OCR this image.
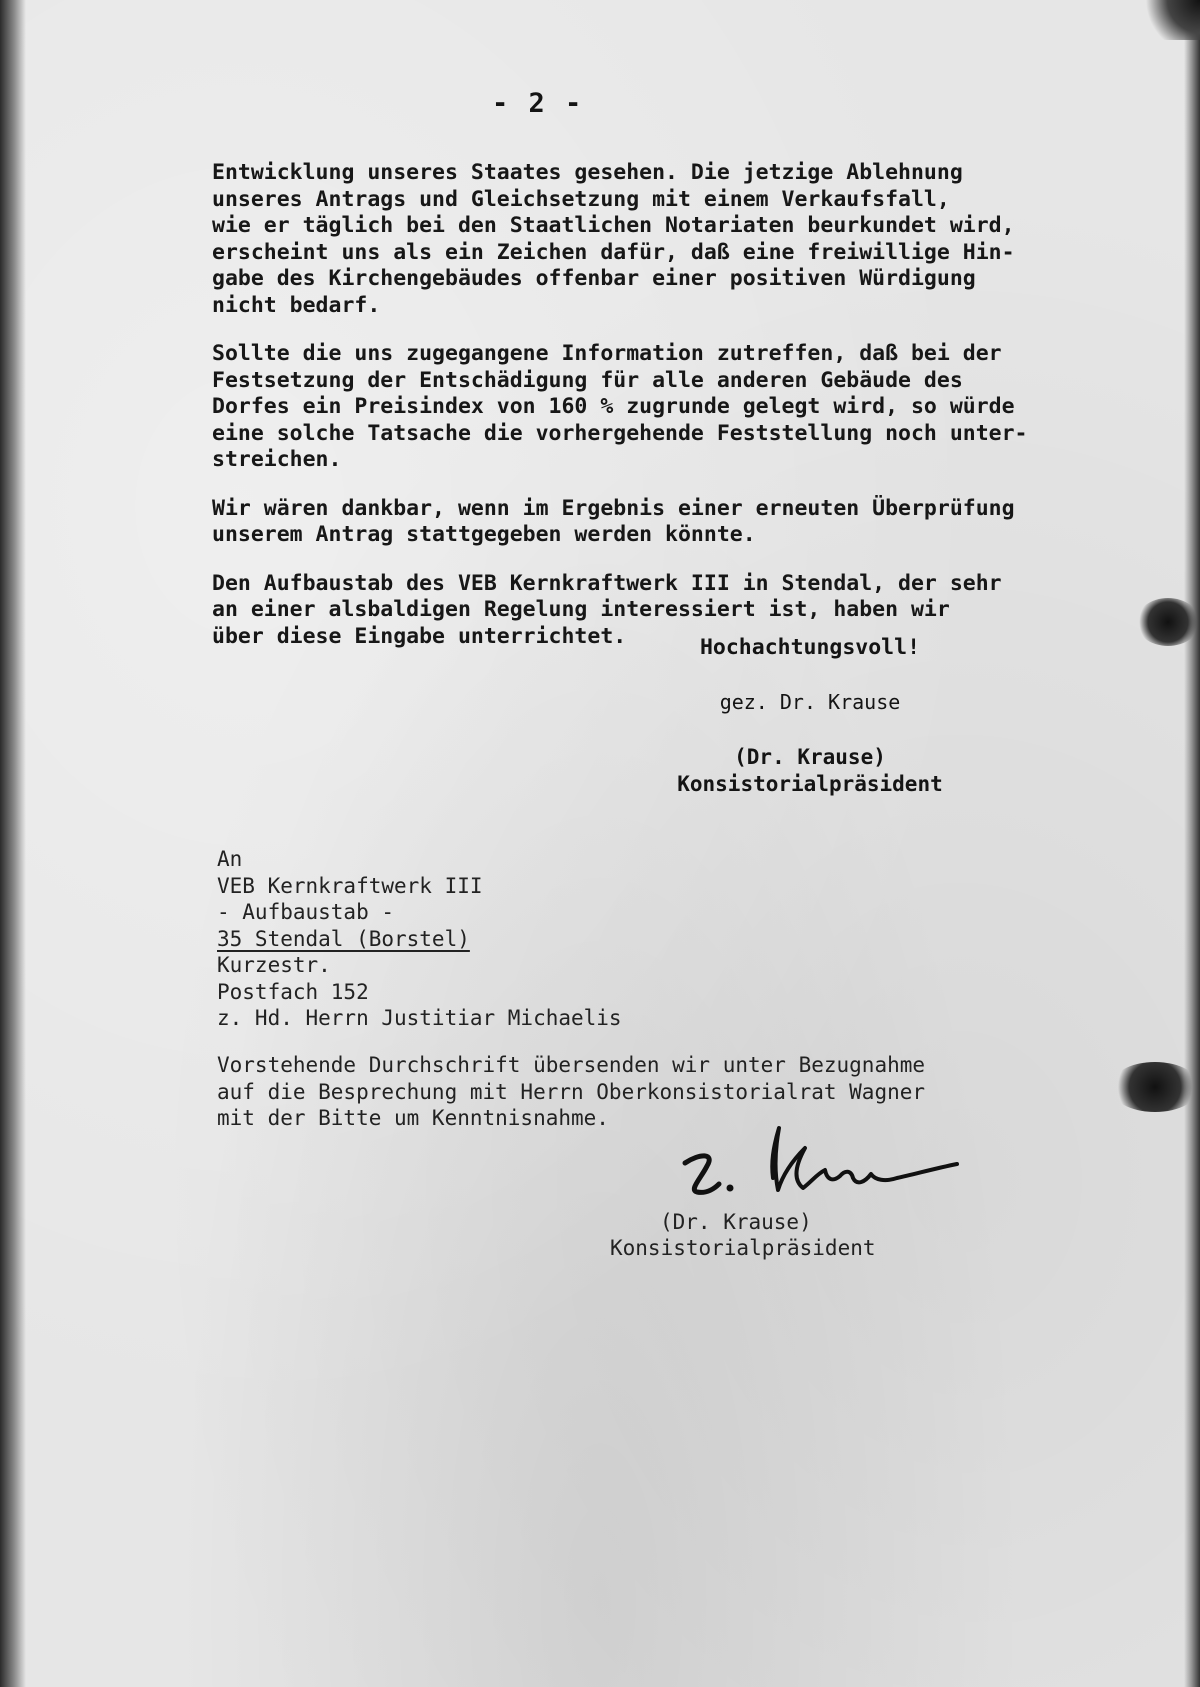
- 2 -

Entwicklung unseres Staates gesehen. Die jetzige Ablehnung
unseres Antrags und Gleichsetzung mit einem Verkaufsfall,
wie er täglich bei den Staatlichen Notariaten beurkundet wird,
erscheint uns als ein Zeichen dafür, daß eine freiwillige Hin-
gabe des Kirchengebäudes offenbar einer positiven Würdigung
nicht bedarf.

Sollte die uns zugegangene Information zutreffen, daß bei der
Festsetzung der Entschädigung für alle anderen Gebäude des
Dorfes ein Preisindex von 160 % zugrunde gelegt wird, so würde
eine solche Tatsache die vorhergehende Feststellung noch unter-
streichen.

Wir wären dankbar, wenn im Ergebnis einer erneuten Überprüfung
unserem Antrag stattgegeben werden könnte.

Den Aufbaustab des VEB Kernkraftwerk III in Stendal, der sehr
an einer alsbaldigen Regelung interessiert ist, haben wir
über diese Eingabe unterrichtet.	Hochachtungsvoll!
gez. Dr. Krause
(Dr. Krause)
Konsistorialpräsident
An
VEB Kernkraftwerk III
- Aufbaustab -
35 Stendal (Borstel)
Kurzestr.
Postfach 152
z. Hd. Herrn Justitiar Michaelis
Vorstehende Durchschrift übersenden wir unter Bezugnahme
auf die Besprechung mit Herrn Oberkonsistorialrat Wagner
mit der Bitte um Kenntnisnahme.
(Dr. Krause)
Konsistorialpräsident
